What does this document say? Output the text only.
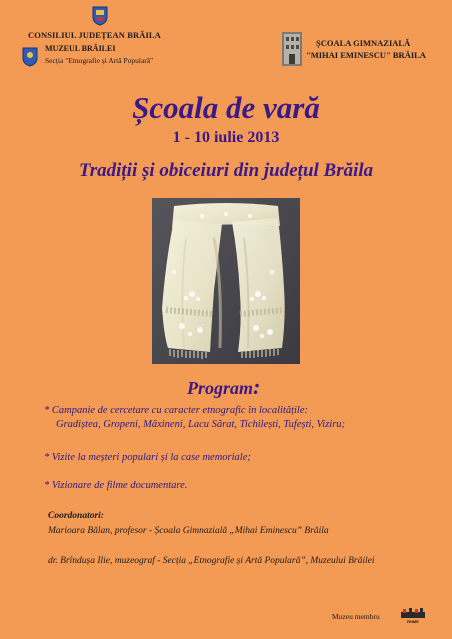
CONSILIUL JUDEȚEAN BRĂILA
MUZEUL BRĂILEI
Secția "Etnografie și Artă Populară"
ȘCOALA GIMNAZIALĂ
"MIHAI EMINESCU" BRĂILA
Școala de vară
1 - 10 iulie 2013
Tradiții și obiceiuri din județul Brăila
Program:
* Campanie de cercetare cu caracter etnografic în localitățile:
Gradiștea, Gropeni, Măxineni, Lacu Sărat, Tichilești, Tufești, Viziru;
* Vizite la meșteri populari și la case memoriale;
* Vizionare de filme documentare.
Coordonatori:
Marioara Bălan, profesor - Școala Gimnazială „Mihai Eminescu” Brăila
dr. Brîndușa Ilie, muzeograf - Secția „Etnografie și Artă Populară”, Muzeului Brăilei
Muzeu membru
RNME
